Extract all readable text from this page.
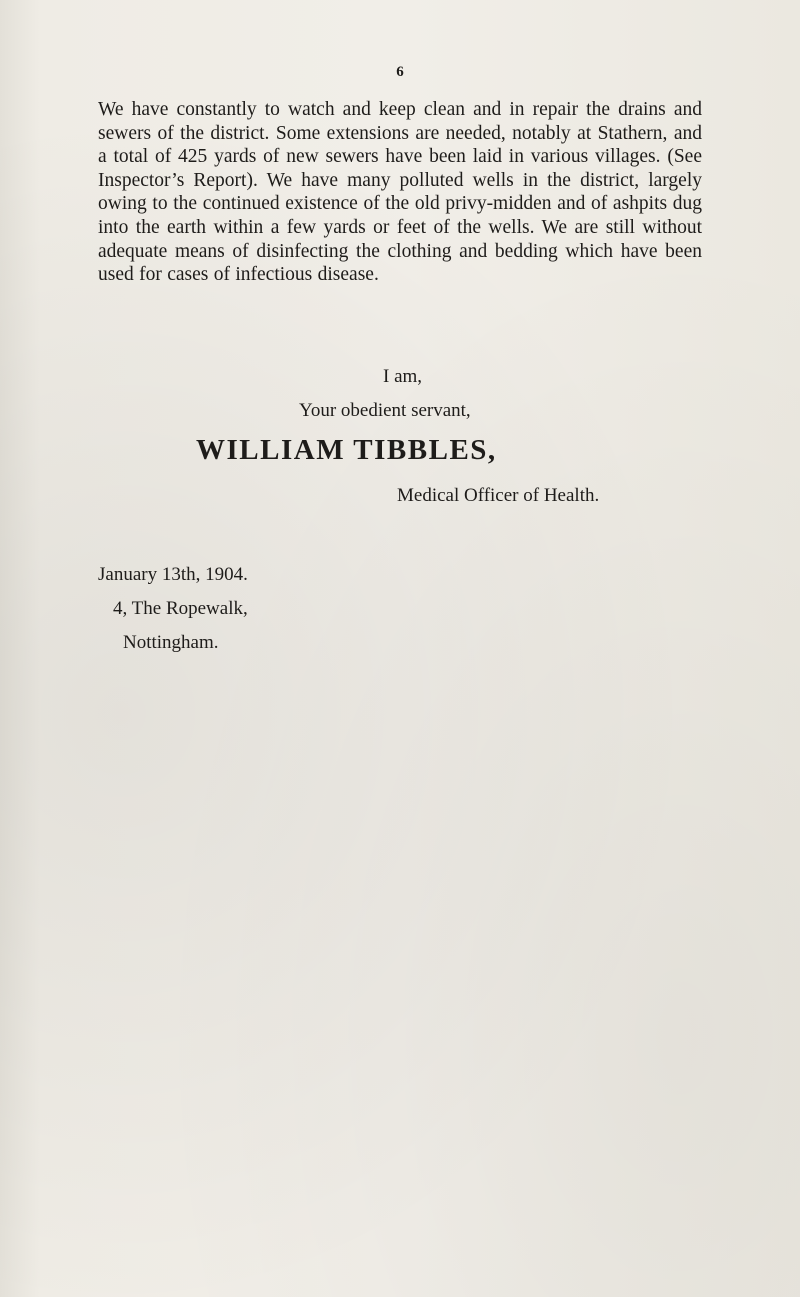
6

We have constantly to watch and keep clean and in repair the drains and sewers of the district. Some extensions are needed, notably at Stathern, and a total of 425 yards of new sewers have been laid in various villages. (See Inspector’s Report). We have many polluted wells in the district, largely owing to the continued existence of the old privy-midden and of ashpits dug into the earth within a few yards or feet of the wells. We are still without adequate means of disinfecting the clothing and bedding which have been used for cases of infectious disease.

I am,
Your obedient servant,
WILLIAM TIBBLES,
Medical Officer of Health.
January 13th, 1904.
4, The Ropewalk,
Nottingham.
